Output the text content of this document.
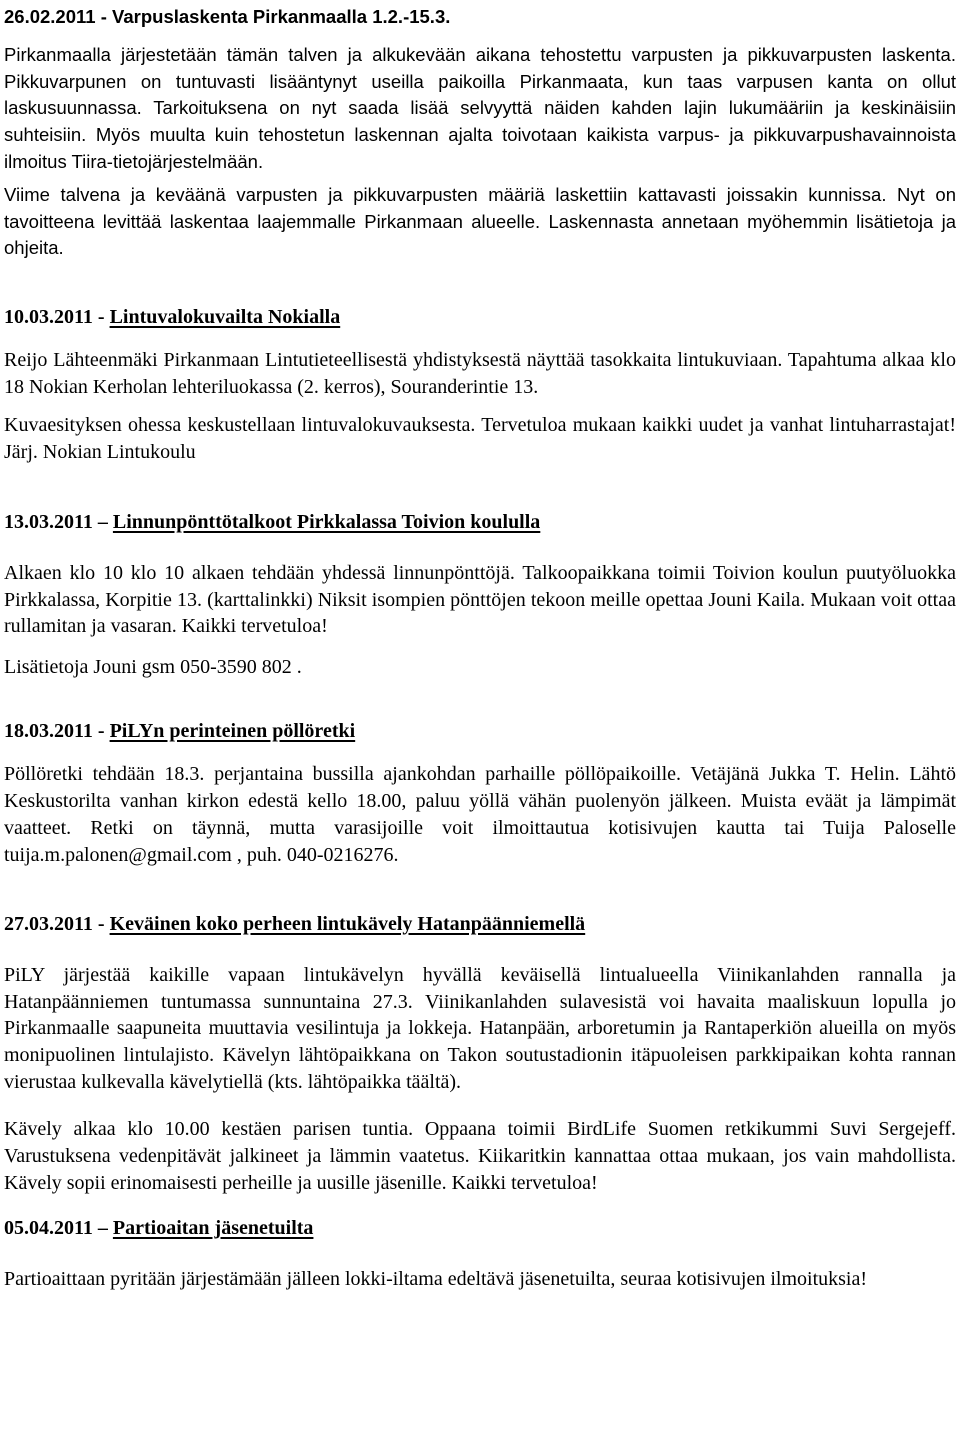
26.02.2011 - Varpuslaskenta Pirkanmaalla 1.2.-15.3.

Pirkanmaalla järjestetään tämän talven ja alkukevään aikana tehostettu varpusten ja pikkuvarpusten laskenta. Pikkuvarpunen on tuntuvasti lisääntynyt useilla paikoilla Pirkanmaata, kun taas varpusen kanta on ollut laskusuunnassa. Tarkoituksena on nyt saada lisää selvyyttä näiden kahden lajin lukumääriin ja keskinäisiin suhteisiin. Myös muulta kuin tehostetun laskennan ajalta toivotaan kaikista varpus- ja pikkuvarpushavainnoista ilmoitus Tiira-tietojärjestelmään.

Viime talvena ja keväänä varpusten ja pikkuvarpusten määriä laskettiin kattavasti joissakin kunnissa. Nyt on tavoitteena levittää laskentaa laajemmalle Pirkanmaan alueelle. Laskennasta annetaan myöhemmin lisätietoja ja ohjeita.

10.03.2011 - Lintuvalokuvailta Nokialla

Reijo Lähteenmäki Pirkanmaan Lintutieteellisestä yhdistyksestä näyttää tasokkaita lintukuviaan. Tapahtuma alkaa klo 18 Nokian Kerholan lehteriluokassa (2. kerros), Souranderintie 13.

Kuvaesityksen ohessa keskustellaan lintuvalokuvauksesta. Tervetuloa mukaan kaikki uudet ja vanhat lintuharrastajat! Järj. Nokian Lintukoulu

13.03.2011 – Linnunpönttötalkoot Pirkkalassa Toivion koululla

Alkaen klo 10 klo 10 alkaen tehdään yhdessä linnunpönttöjä. Talkoopaikkana toimii Toivion koulun puutyöluokka Pirkkalassa, Korpitie 13. (karttalinkki) Niksit isompien pönttöjen tekoon meille opettaa Jouni Kaila. Mukaan voit ottaa rullamitan ja vasaran. Kaikki tervetuloa!

Lisätietoja Jouni gsm 050-3590 802 .

18.03.2011 - PiLYn perinteinen pöllöretki

Pöllöretki tehdään 18.3. perjantaina bussilla ajankohdan parhaille pöllöpaikoille. Vetäjänä Jukka T. Helin. Lähtö Keskustorilta vanhan kirkon edestä kello 18.00, paluu yöllä vähän puolenyön jälkeen. Muista eväät ja lämpimät vaatteet. Retki on täynnä, mutta varasijoille voit ilmoittautua kotisivujen kautta tai Tuija Paloselle tuija.m.palonen@gmail.com , puh. 040-0216276.

27.03.2011 - Keväinen koko perheen lintukävely Hatanpäänniemellä

PiLY järjestää kaikille vapaan lintukävelyn hyvällä keväisellä lintualueella Viinikanlahden rannalla ja Hatanpäänniemen tuntumassa sunnuntaina 27.3. Viinikanlahden sulavesistä voi havaita maaliskuun lopulla jo Pirkanmaalle saapuneita muuttavia vesilintuja ja lokkeja. Hatanpään, arboretumin ja Rantaperkiön alueilla on myös monipuolinen lintulajisto. Kävelyn lähtöpaikkana on Takon soutustadionin itäpuoleisen parkkipaikan kohta rannan vierustaa kulkevalla kävelytiellä (kts. lähtöpaikka täältä).

Kävely alkaa klo 10.00 kestäen parisen tuntia. Oppaana toimii BirdLife Suomen retkikummi Suvi Sergejeff. Varustuksena vedenpitävät jalkineet ja lämmin vaatetus. Kiikaritkin kannattaa ottaa mukaan, jos vain mahdollista. Kävely sopii erinomaisesti perheille ja uusille jäsenille. Kaikki tervetuloa!

05.04.2011 – Partioaitan jäsenetuilta

Partioaittaan pyritään järjestämään jälleen lokki-iltama edeltävä jäsenetuilta, seuraa kotisivujen ilmoituksia!
